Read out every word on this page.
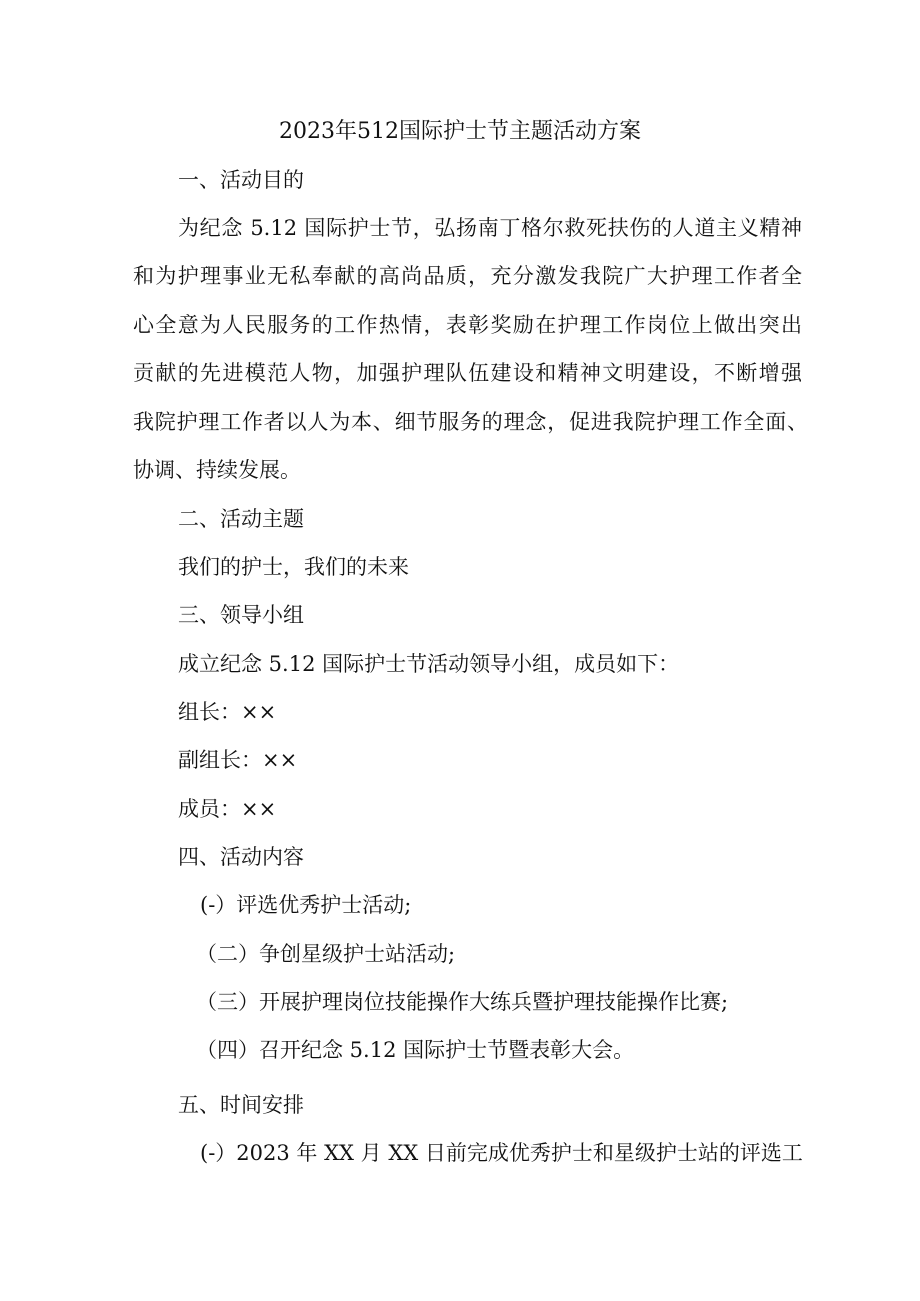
2023年512国际护士节主题活动方案

一、活动目的

为纪念 5.12 国际护士节，弘扬南丁格尔救死扶伤的人道主义精神

和为护理事业无私奉献的高尚品质，充分激发我院广大护理工作者全

心全意为人民服务的工作热情，表彰奖励在护理工作岗位上做出突出

贡献的先进模范人物，加强护理队伍建设和精神文明建设，不断增强

我院护理工作者以人为本、细节服务的理念，促进我院护理工作全面、

协调、持续发展。

二、活动主题

我们的护士，我们的未来

三、领导小组

成立纪念 5.12 国际护士节活动领导小组，成员如下：

组长：××

副组长：××

成员：××

四、活动内容

(-）评选优秀护士活动;

（二）争创星级护士站活动;

（三）开展护理岗位技能操作大练兵暨护理技能操作比赛;

（四）召开纪念 5.12 国际护士节暨表彰大会。

五、时间安排

(-）2023 年 XX 月 XX 日前完成优秀护士和星级护士站的评选工
